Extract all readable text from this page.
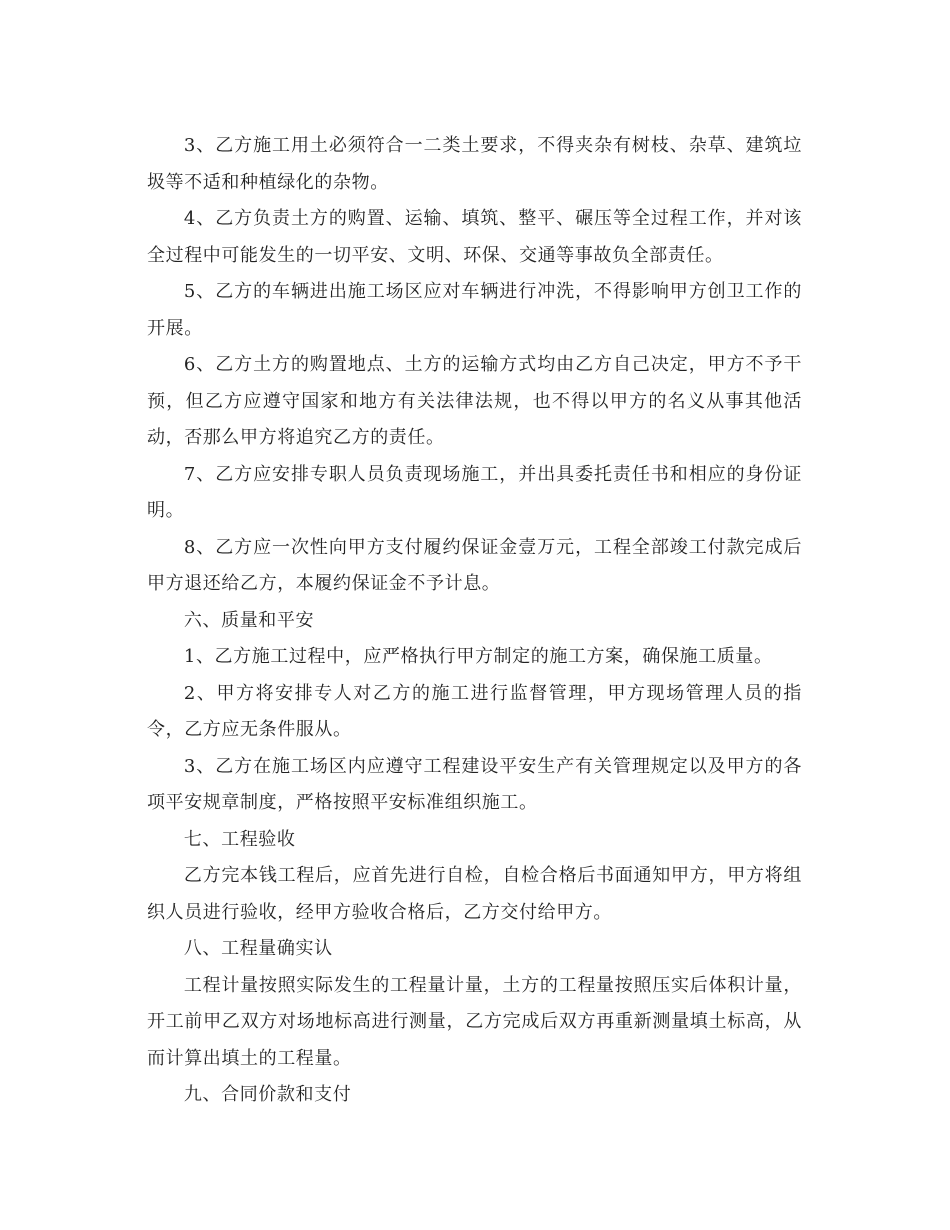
3、乙方施工用土必须符合一二类土要求，不得夹杂有树枝、杂草、建筑垃圾等不适和种植绿化的杂物。

4、乙方负责土方的购置、运输、填筑、整平、碾压等全过程工作，并对该全过程中可能发生的一切平安、文明、环保、交通等事故负全部责任。

5、乙方的车辆进出施工场区应对车辆进行冲洗，不得影响甲方创卫工作的开展。

6、乙方土方的购置地点、土方的运输方式均由乙方自己决定，甲方不予干预，但乙方应遵守国家和地方有关法律法规，也不得以甲方的名义从事其他活动，否那么甲方将追究乙方的责任。

7、乙方应安排专职人员负责现场施工，并出具委托责任书和相应的身份证明。

8、乙方应一次性向甲方支付履约保证金壹万元，工程全部竣工付款完成后甲方退还给乙方，本履约保证金不予计息。

六、质量和平安

1、乙方施工过程中，应严格执行甲方制定的施工方案，确保施工质量。

2、甲方将安排专人对乙方的施工进行监督管理，甲方现场管理人员的指令，乙方应无条件服从。

3、乙方在施工场区内应遵守工程建设平安生产有关管理规定以及甲方的各项平安规章制度，严格按照平安标准组织施工。

七、工程验收

乙方完本钱工程后，应首先进行自检，自检合格后书面通知甲方，甲方将组织人员进行验收，经甲方验收合格后，乙方交付给甲方。

八、工程量确实认

工程计量按照实际发生的工程量计量，土方的工程量按照压实后体积计量，开工前甲乙双方对场地标高进行测量，乙方完成后双方再重新测量填土标高，从而计算出填土的工程量。

九、合同价款和支付
